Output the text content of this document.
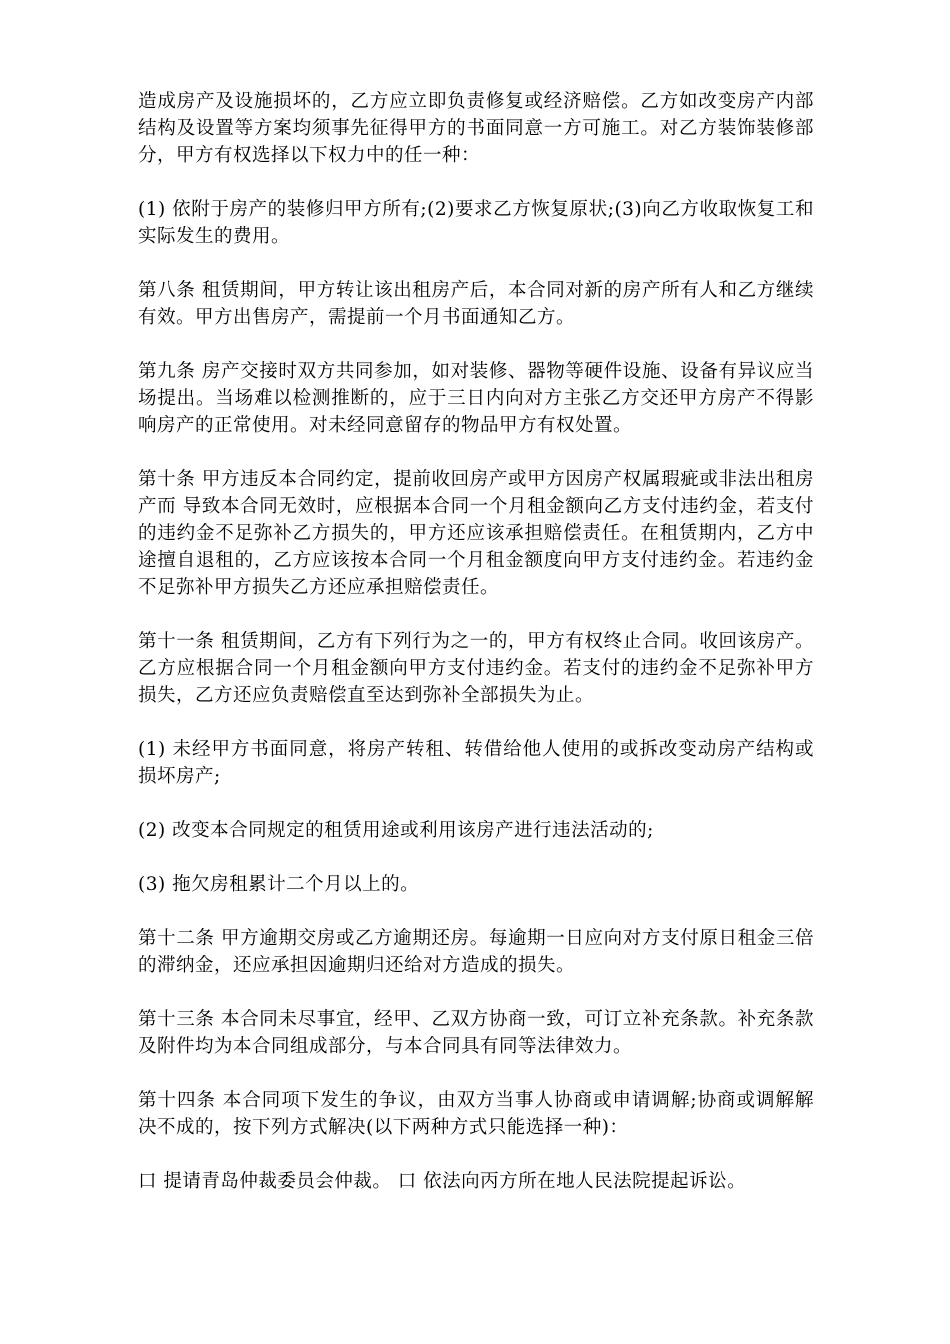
造成房产及设施损坏的，乙方应立即负责修复或经济赔偿。乙方如改变房产内部结构及设置等方案均须事先征得甲方的书面同意一方可施工。对乙方装饰装修部分，甲方有权选择以下权力中的任一种：

(1) 依附于房产的装修归甲方所有;(2)要求乙方恢复原状;(3)向乙方收取恢复工和实际发生的费用。

第八条 租赁期间，甲方转让该出租房产后，本合同对新的房产所有人和乙方继续有效。甲方出售房产，需提前一个月书面通知乙方。

第九条 房产交接时双方共同参加，如对装修、器物等硬件设施、设备有异议应当场提出。当场难以检测推断的，应于三日内向对方主张乙方交还甲方房产不得影响房产的正常使用。对未经同意留存的物品甲方有权处置。

第十条 甲方违反本合同约定，提前收回房产或甲方因房产权属瑕疵或非法出租房产而 导致本合同无效时，应根据本合同一个月租金额向乙方支付违约金，若支付的违约金不足弥补乙方损失的，甲方还应该承担赔偿责任。在租赁期内，乙方中途擅自退租的，乙方应该按本合同一个月租金额度向甲方支付违约金。若违约金不足弥补甲方损失乙方还应承担赔偿责任。

第十一条 租赁期间，乙方有下列行为之一的，甲方有权终止合同。收回该房产。乙方应根据合同一个月租金额向甲方支付违约金。若支付的违约金不足弥补甲方损失，乙方还应负责赔偿直至达到弥补全部损失为止。

(1) 未经甲方书面同意，将房产转租、转借给他人使用的或拆改变动房产结构或损坏房产;

(2) 改变本合同规定的租赁用途或利用该房产进行违法活动的;

(3) 拖欠房租累计二个月以上的。

第十二条 甲方逾期交房或乙方逾期还房。每逾期一日应向对方支付原日租金三倍的滞纳金，还应承担因逾期归还给对方造成的损失。

第十三条 本合同未尽事宜，经甲、乙双方协商一致，可订立补充条款。补充条款及附件均为本合同组成部分，与本合同具有同等法律效力。

第十四条 本合同项下发生的争议，由双方当事人协商或申请调解;协商或调解解决不成的，按下列方式解决(以下两种方式只能选择一种)：

口 提请青岛仲裁委员会仲裁。 口 依法向丙方所在地人民法院提起诉讼。
